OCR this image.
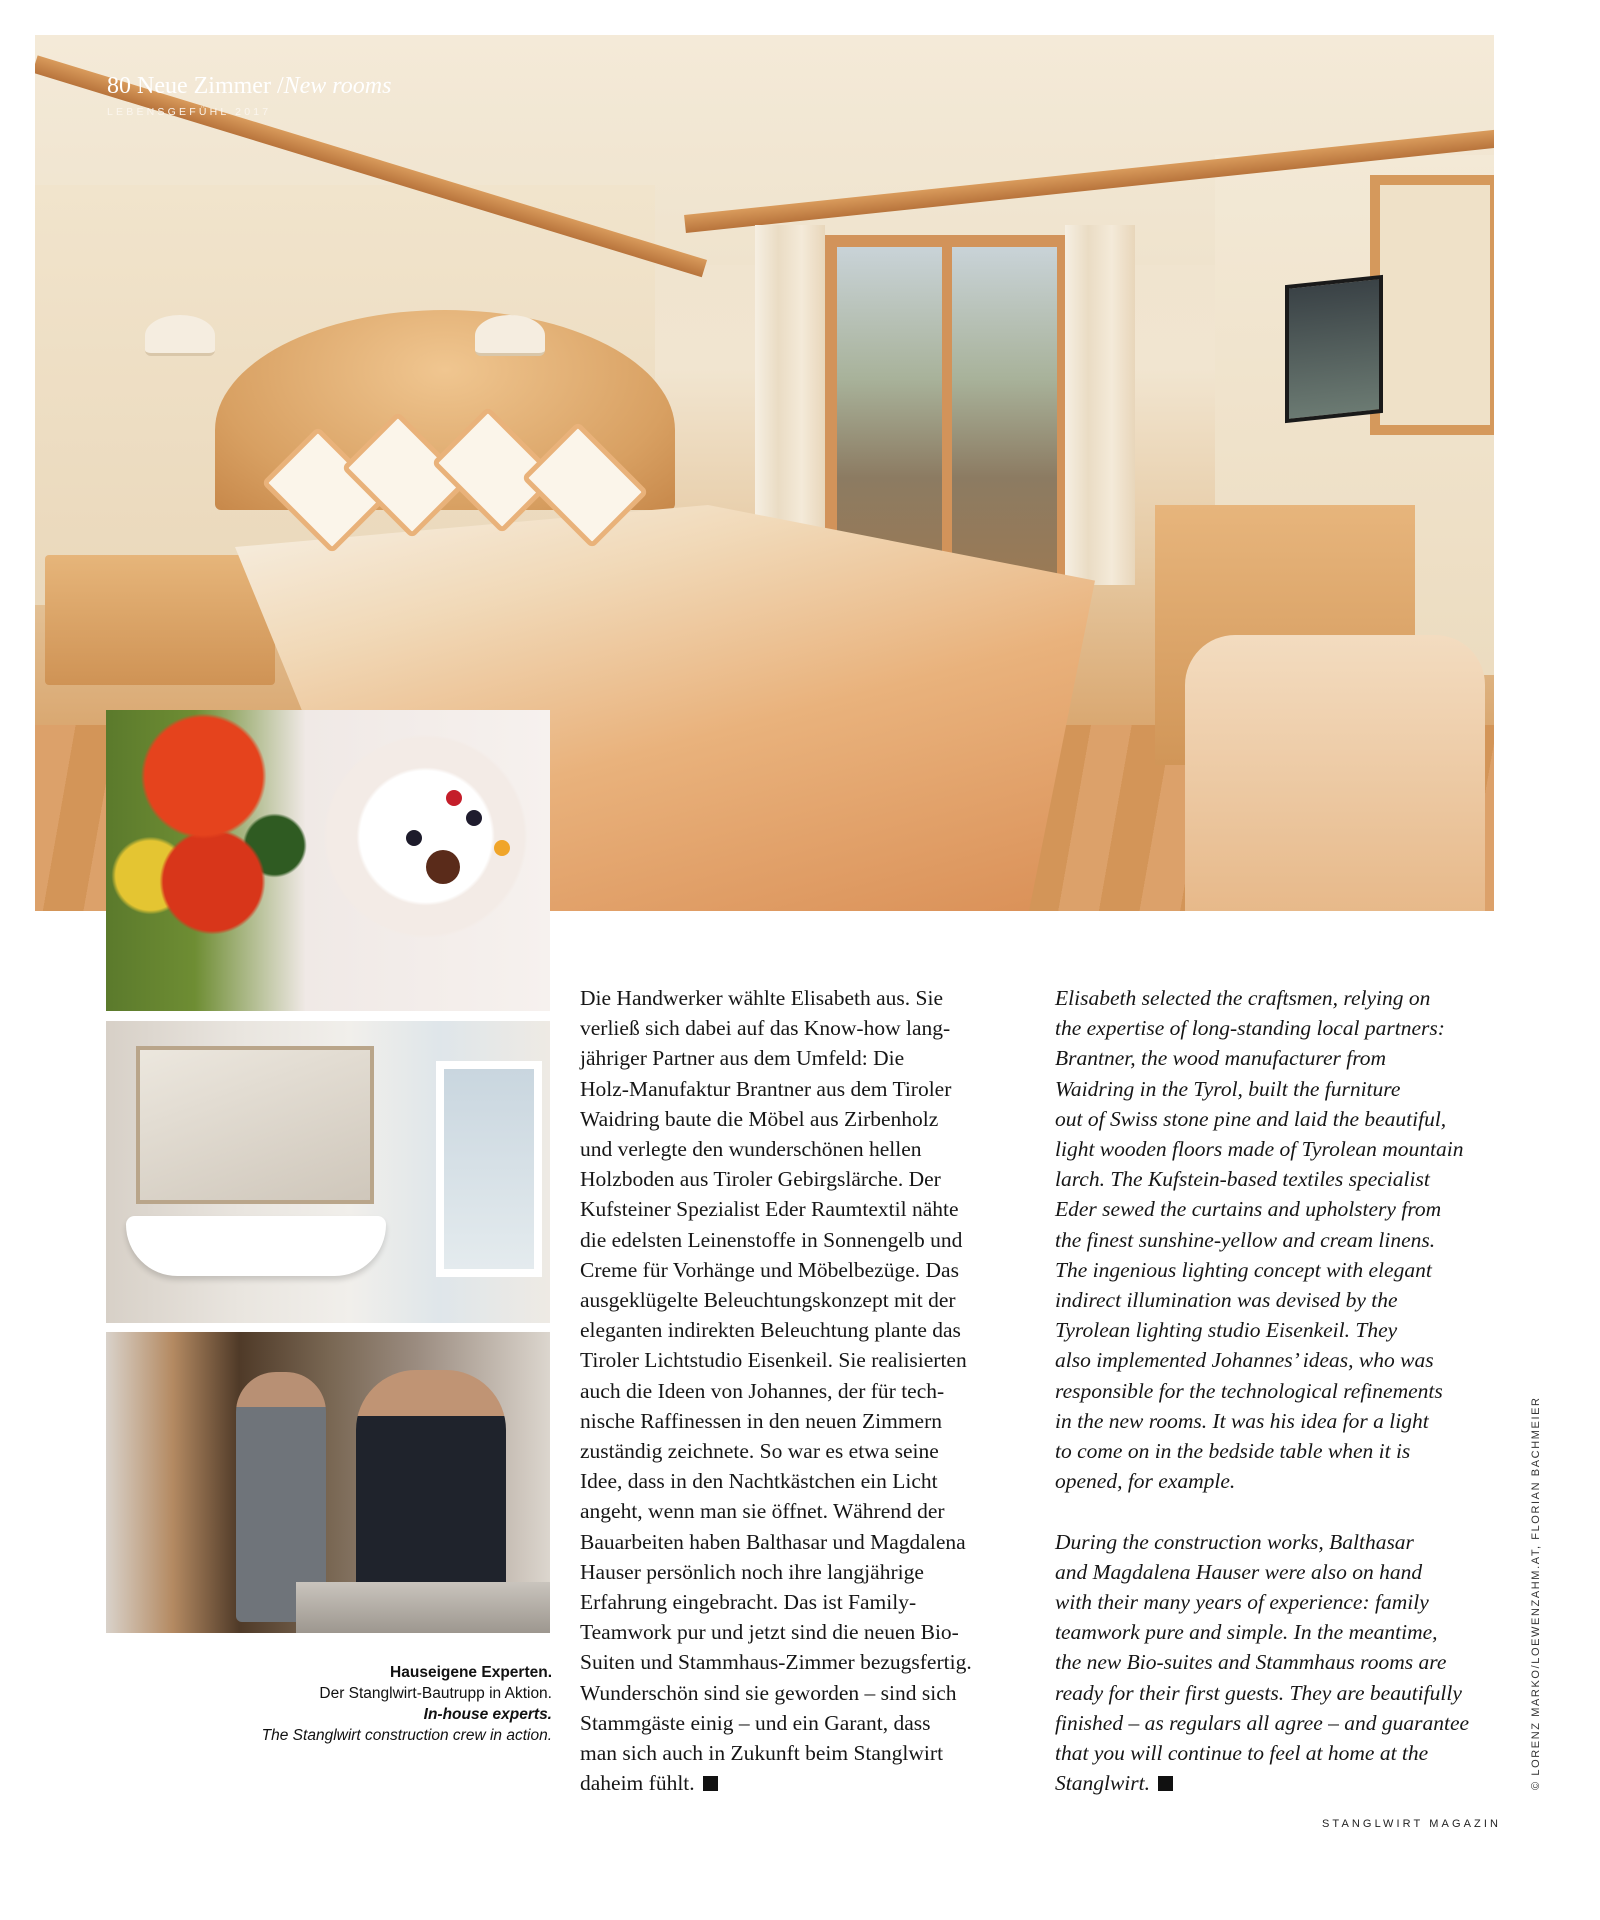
80 Neue Zimmer /New rooms
LEBENSGEFÜHL 2017
Hauseigene Experten.
Der Stanglwirt-Bautrupp in Aktion.
In-house experts.
The Stanglwirt construction crew in action.
Die Handwerker wählte Elisabeth aus. Sie
verließ sich dabei auf das Know-how lang-
jähriger Partner aus dem Umfeld: Die
Holz-Manufaktur Brantner aus dem Tiroler
Waidring baute die Möbel aus Zirbenholz
und verlegte den wunderschönen hellen
Holzboden aus Tiroler Gebirgslärche. Der
Kufsteiner Spezialist Eder Raumtextil nähte
die edelsten Leinenstoffe in Sonnengelb und
Creme für Vorhänge und Möbelbezüge. Das
ausgeklügelte Beleuchtungskonzept mit der
eleganten indirekten Beleuchtung plante das
Tiroler Lichtstudio Eisenkeil. Sie realisierten
auch die Ideen von Johannes, der für tech-
nische Raffinessen in den neuen Zimmern
zuständig zeichnete. So war es etwa seine
Idee, dass in den Nachtkästchen ein Licht
angeht, wenn man sie öffnet. Während der
Bauarbeiten haben Balthasar und Magdalena
Hauser persönlich noch ihre langjährige
Erfahrung eingebracht. Das ist Family-
Teamwork pur und jetzt sind die neuen Bio-
Suiten und Stammhaus-Zimmer bezugsfertig.
Wunderschön sind sie geworden – sind sich
Stammgäste einig – und ein Garant, dass
man sich auch in Zukunft beim Stanglwirt
daheim fühlt.
Elisabeth selected the craftsmen, relying on
the expertise of long-standing local partners:
Brantner, the wood manufacturer from
Waidring in the Tyrol, built the furniture
out of Swiss stone pine and laid the beautiful,
light wooden floors made of Tyrolean mountain
larch. The Kufstein-based textiles specialist
Eder sewed the curtains and upholstery from
the finest sunshine-yellow and cream linens.
The ingenious lighting concept with elegant
indirect illumination was devised by the
Tyrolean lighting studio Eisenkeil. They
also implemented Johannes’ ideas, who was
responsible for the technological refinements
in the new rooms. It was his idea for a light
to come on in the bedside table when it is
opened, for example.
During the construction works, Balthasar
and Magdalena Hauser were also on hand
with their many years of experience: family
teamwork pure and simple. In the meantime,
the new Bio-suites and Stammhaus rooms are
ready for their first guests. They are beautifully
finished – as regulars all agree – and guarantee
that you will continue to feel at home at the
Stanglwirt.	© LORENZ MARKO/LOEWENZAHM.AT, FLORIAN BACHMEIER
STANGLWIRT MAGAZIN
